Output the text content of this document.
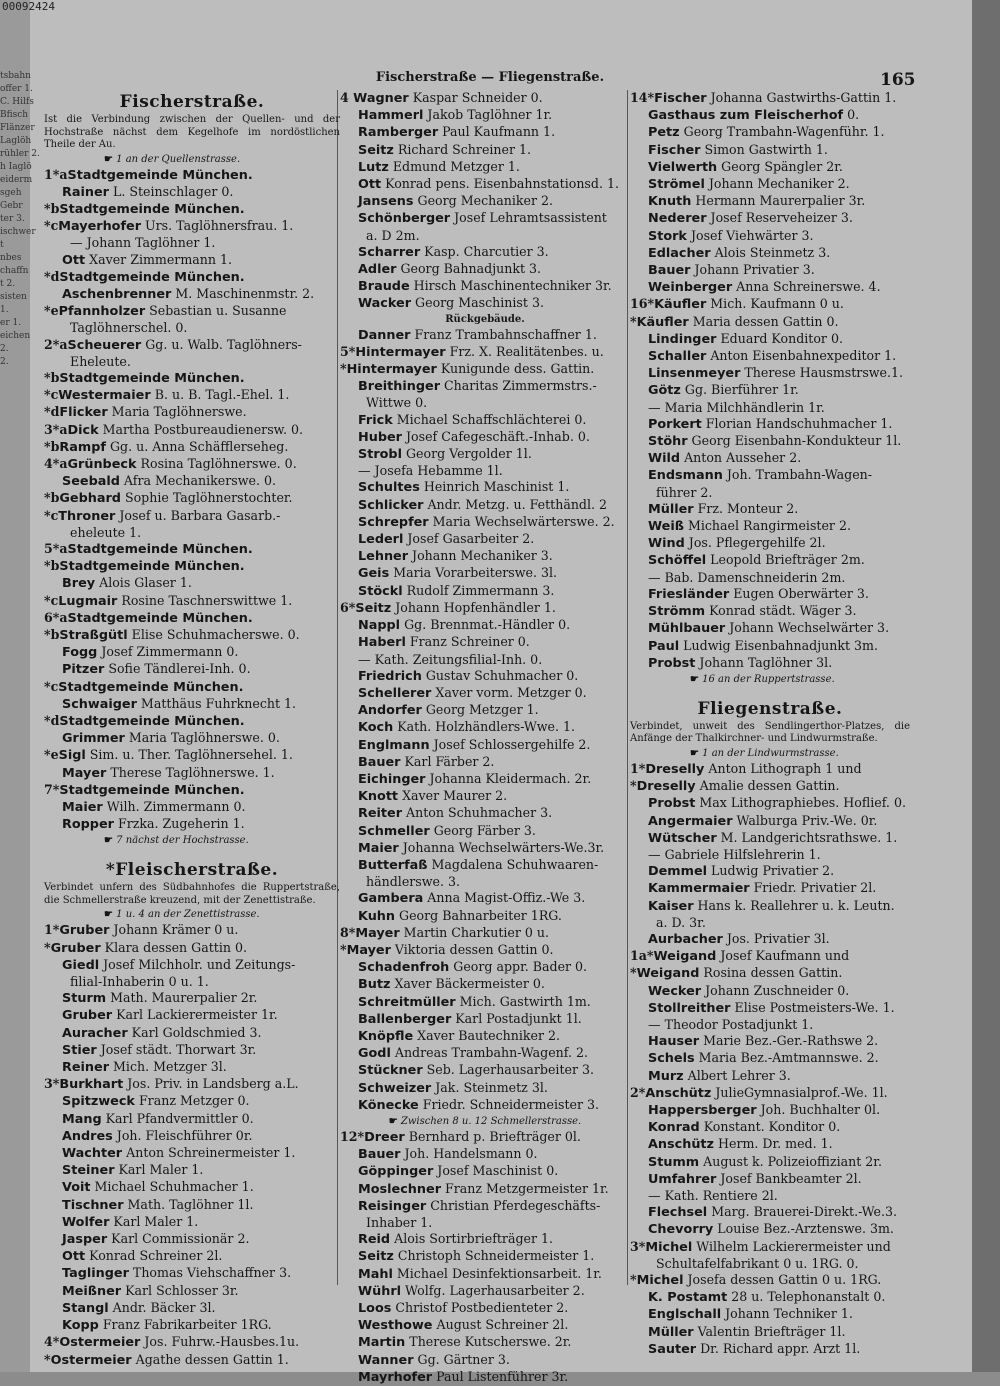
tsbahn
offer 1.
C. Hilfs
Bfisch
Flänzer
Laglöh
rühler 2.
h Iaglö
eiderm
sgeh
Gebr
ter 3.
ischwer
t
nbes
chaffn
t 2.
sisten
1.
er 1.
eichen
2.
2.
00092424
Fischerstraße — Fliegenstraße.	165
Fischerstraße.
Ist die Verbindung zwischen der Quellen- und der Hochstraße nächst dem Kegelhofe im nordöstlichen Theile der Au.
☛ 1 an der Quellenstrasse.
1*aStadtgemeinde München.
Rainer L. Steinschlager 0.
*bStadtgemeinde München.
*cMayerhofer Urs. Taglöhnersfrau. 1.
— Johann Taglöhner 1.
Ott Xaver Zimmermann 1.
*dStadtgemeinde München.
Aschenbrenner M. Maschinenmstr. 2.
*ePfannholzer Sebastian u. Susanne
Taglöhnerschel. 0.
2*aScheuerer Gg. u. Walb. Taglöhners-
Eheleute.
*bStadtgemeinde München.
*cWestermaier B. u. B. Tagl.-Ehel. 1.
*dFlicker Maria Taglöhnerswe.
3*aDick Martha Postbureaudienersw. 0.
*bRampf Gg. u. Anna Schäfflerseheg.
4*aGrünbeck Rosina Taglöhnerswe. 0.
Seebald Afra Mechanikerswe. 0.
*bGebhard Sophie Taglöhnerstochter.
*cThroner Josef u. Barbara Gasarb.-
eheleute 1.
5*aStadtgemeinde München.
*bStadtgemeinde München.
Brey Alois Glaser 1.
*cLugmair Rosine Taschnerswittwe 1.
6*aStadtgemeinde München.
*bStraßgütl Elise Schuhmacherswe. 0.
Fogg Josef Zimmermann 0.
Pitzer Sofie Tändlerei-Inh. 0.
*cStadtgemeinde München.
Schwaiger Matthäus Fuhrknecht 1.
*dStadtgemeinde München.
Grimmer Maria Taglöhnerswe. 0.
*eSigl Sim. u. Ther. Taglöhnersehel. 1.
Mayer Therese Taglöhnerswe. 1.
7*Stadtgemeinde München.
Maier Wilh. Zimmermann 0.
Ropper Frzka. Zugeherin 1.
☛ 7 nächst der Hochstrasse.
*Fleischerstraße.
Verbindet unfern des Südbahnhofes die Ruppertstraße, die Schmellerstraße kreuzend, mit der Zenettistraße.
☛ 1 u. 4 an der Zenettistrasse.
1*Gruber Johann Krämer 0 u.
*Gruber Klara dessen Gattin 0.
Giedl Josef Milchholr. und Zeitungs-
filial-Inhaberin 0 u. 1.
Sturm Math. Maurerpalier 2r.
Gruber Karl Lackierermeister 1r.
Auracher Karl Goldschmied 3.
Stier Josef städt. Thorwart 3r.
Reiner Mich. Metzger 3l.
3*Burkhart Jos. Priv. in Landsberg a.L.
Spitzweck Franz Metzger 0.
Mang Karl Pfandvermittler 0.
Andres Joh. Fleischführer 0r.
Wachter Anton Schreinermeister 1.
Steiner Karl Maler 1.
Voit Michael Schuhmacher 1.
Tischner Math. Taglöhner 1l.
Wolfer Karl Maler 1.
Jasper Karl Commissionär 2.
Ott Konrad Schreiner 2l.
Taglinger Thomas Viehschaffner 3.
Meißner Karl Schlosser 3r.
Stangl Andr. Bäcker 3l.
Kopp Franz Fabrikarbeiter 1RG.
4*Ostermeier Jos. Fuhrw.-Hausbes.1u.
*Ostermeier Agathe dessen Gattin 1.
4 Wagner Kaspar Schneider 0.
Hammerl Jakob Taglöhner 1r.
Ramberger Paul Kaufmann 1.
Seitz Richard Schreiner 1.
Lutz Edmund Metzger 1.
Ott Konrad pens. Eisenbahnstationsd. 1.
Jansens Georg Mechaniker 2.
Schönberger Josef Lehramtsassistent
a. D 2m.
Scharrer Kasp. Charcutier 3.
Adler Georg Bahnadjunkt 3.
Braude Hirsch Maschinentechniker 3r.
Wacker Georg Maschinist 3.
Rückgebäude.
Danner Franz Trambahnschaffner 1.
5*Hintermayer Frz. X. Realitätenbes. u.
*Hintermayer Kunigunde dess. Gattin.
Breithinger Charitas Zimmermstrs.-
Wittwe 0.
Frick Michael Schaffschlächterei 0.
Huber Josef Cafegeschäft.-Inhab. 0.
Strobl Georg Vergolder 1l.
— Josefa Hebamme 1l.
Schultes Heinrich Maschinist 1.
Schlicker Andr. Metzg. u. Fetthändl. 2
Schrepfer Maria Wechselwärterswe. 2.
Lederl Josef Gasarbeiter 2.
Lehner Johann Mechaniker 3.
Geis Maria Vorarbeiterswe. 3l.
Stöckl Rudolf Zimmermann 3.
6*Seitz Johann Hopfenhändler 1.
Nappl Gg. Brennmat.-Händler 0.
Haberl Franz Schreiner 0.
— Kath. Zeitungsfilial-Inh. 0.
Friedrich Gustav Schuhmacher 0.
Schellerer Xaver vorm. Metzger 0.
Andorfer Georg Metzger 1.
Koch Kath. Holzhändlers-Wwe. 1.
Englmann Josef Schlossergehilfe 2.
Bauer Karl Färber 2.
Eichinger Johanna Kleidermach. 2r.
Knott Xaver Maurer 2.
Reiter Anton Schuhmacher 3.
Schmeller Georg Färber 3.
Maier Johanna Wechselwärters-We.3r.
Butterfaß Magdalena Schuhwaaren-
händlerswe. 3.
Gambera Anna Magist-Offiz.-We 3.
Kuhn Georg Bahnarbeiter 1RG.
8*Mayer Martin Charkutier 0 u.
*Mayer Viktoria dessen Gattin 0.
Schadenfroh Georg appr. Bader 0.
Butz Xaver Bäckermeister 0.
Schreitmüller Mich. Gastwirth 1m.
Ballenberger Karl Postadjunkt 1l.
Knöpfle Xaver Bautechniker 2.
Godl Andreas Trambahn-Wagenf. 2.
Stückner Seb. Lagerhausarbeiter 3.
Schweizer Jak. Steinmetz 3l.
Könecke Friedr. Schneidermeister 3.
☛ Zwischen 8 u. 12 Schmellerstrasse.
12*Dreer Bernhard p. Briefträger 0l.
Bauer Joh. Handelsmann 0.
Göppinger Josef Maschinist 0.
Moslechner Franz Metzgermeister 1r.
Reisinger Christian Pferdegeschäfts-
Inhaber 1.
Reid Alois Sortirbriefträger 1.
Seitz Christoph Schneidermeister 1.
Mahl Michael Desinfektionsarbeit. 1r.
Wührl Wolfg. Lagerhausarbeiter 2.
Loos Christof Postbedienteter 2.
Westhowe August Schreiner 2l.
Martin Therese Kutscherswe. 2r.
Wanner Gg. Gärtner 3.
Mayrhofer Paul Listenführer 3r.
14*Fischer Johanna Gastwirths-Gattin 1.
Gasthaus zum Fleischerhof 0.
Petz Georg Trambahn-Wagenführ. 1.
Fischer Simon Gastwirth 1.
Vielwerth Georg Spängler 2r.
Strömel Johann Mechaniker 2.
Knuth Hermann Maurerpalier 3r.
Nederer Josef Reserveheizer 3.
Stork Josef Viehwärter 3.
Edlacher Alois Steinmetz 3.
Bauer Johann Privatier 3.
Weinberger Anna Schreinerswe. 4.
16*Käufler Mich. Kaufmann 0 u.
*Käufler Maria dessen Gattin 0.
Lindinger Eduard Konditor 0.
Schaller Anton Eisenbahnexpeditor 1.
Linsenmeyer Therese Hausmstrswe.1.
Götz Gg. Bierführer 1r.
— Maria Milchhändlerin 1r.
Porkert Florian Handschuhmacher 1.
Stöhr Georg Eisenbahn-Kondukteur 1l.
Wild Anton Ausseher 2.
Endsmann Joh. Trambahn-Wagen-
führer 2.
Müller Frz. Monteur 2.
Weiß Michael Rangirmeister 2.
Wind Jos. Pflegergehilfe 2l.
Schöffel Leopold Briefträger 2m.
— Bab. Damenschneiderin 2m.
Friesländer Eugen Oberwärter 3.
Strömm Konrad städt. Wäger 3.
Mühlbauer Johann Wechselwärter 3.
Paul Ludwig Eisenbahnadjunkt 3m.
Probst Johann Taglöhner 3l.
☛ 16 an der Ruppertstrasse.
Fliegenstraße.
Verbindet, unweit des Sendlingerthor-Platzes, die Anfänge der Thalkirchner- und Lindwurmstraße.
☛ 1 an der Lindwurmstrasse.
1*Dreselly Anton Lithograph 1 und
*Dreselly Amalie dessen Gattin.
Probst Max Lithographiebes. Hoflief. 0.
Angermaier Walburga Priv.-We. 0r.
Wütscher M. Landgerichtsrathswe. 1.
— Gabriele Hilfslehrerin 1.
Demmel Ludwig Privatier 2.
Kammermaier Friedr. Privatier 2l.
Kaiser Hans k. Reallehrer u. k. Leutn.
a. D. 3r.
Aurbacher Jos. Privatier 3l.
1a*Weigand Josef Kaufmann und
*Weigand Rosina dessen Gattin.
Wecker Johann Zuschneider 0.
Stollreither Elise Postmeisters-We. 1.
— Theodor Postadjunkt 1.
Hauser Marie Bez.-Ger.-Rathswe 2.
Schels Maria Bez.-Amtmannswe. 2.
Murz Albert Lehrer 3.
2*Anschütz JulieGymnasialprof.-We. 1l.
Happersberger Joh. Buchhalter 0l.
Konrad Konstant. Konditor 0.
Anschütz Herm. Dr. med. 1.
Stumm August k. Polizeioffiziant 2r.
Umfahrer Josef Bankbeamter 2l.
— Kath. Rentiere 2l.
Flechsel Marg. Brauerei-Direkt.-We.3.
Chevorry Louise Bez.-Arztenswe. 3m.
3*Michel Wilhelm Lackierermeister und
Schultafelfabrikant 0 u. 1RG. 0.
*Michel Josefa dessen Gattin 0 u. 1RG.
K. Postamt 28 u. Telephonanstalt 0.
Englschall Johann Techniker 1.
Müller Valentin Briefträger 1l.
Sauter Dr. Richard appr. Arzt 1l.
